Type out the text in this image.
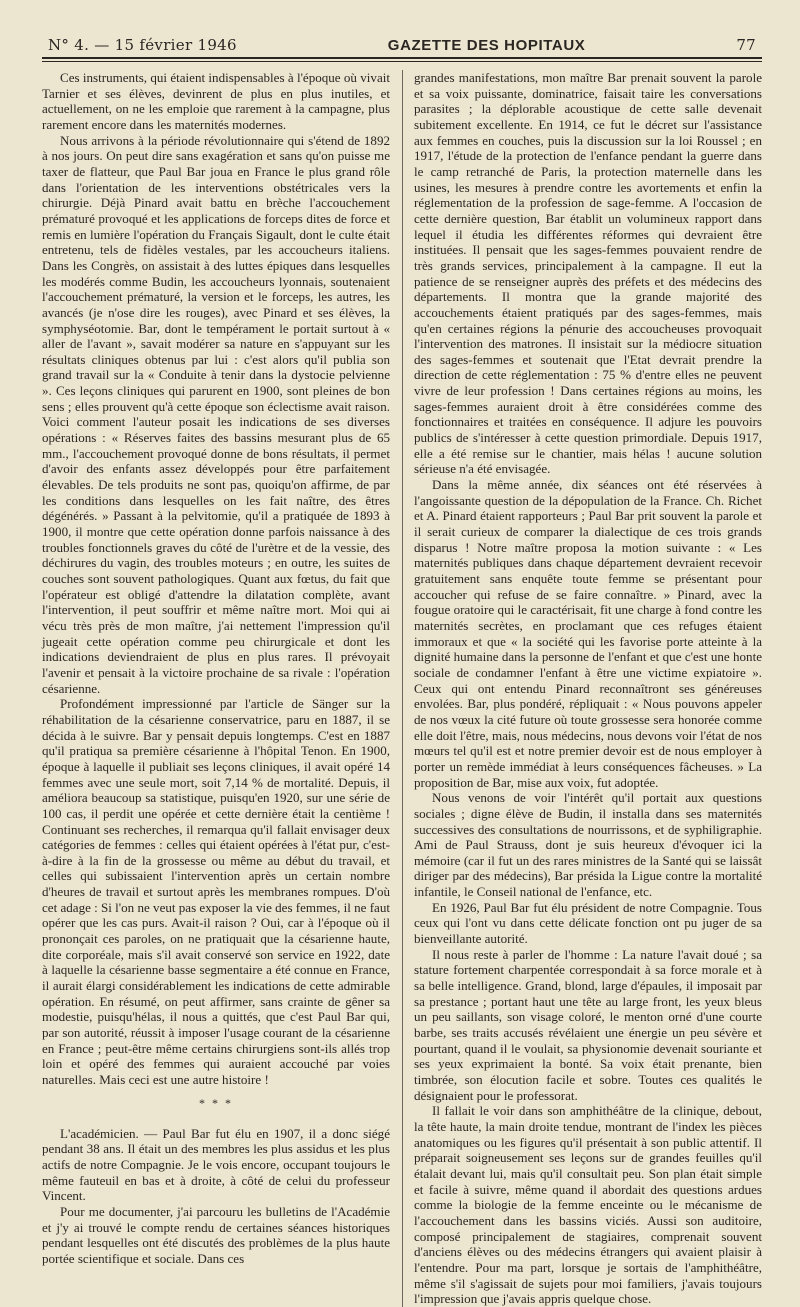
N° 4. — 15 février 1946	GAZETTE DES HOPITAUX	77

Ces instruments, qui étaient indispensables à l'époque où vivait Tarnier et ses élèves, devinrent de plus en plus inutiles, et actuellement, on ne les emploie que rarement à la campagne, plus rarement encore dans les maternités modernes.

Nous arrivons à la période révolutionnaire qui s'étend de 1892 à nos jours. On peut dire sans exagération et sans qu'on puisse me taxer de flatteur, que Paul Bar joua en France le plus grand rôle dans l'orientation de les interventions obstétricales vers la chirurgie. Déjà Pinard avait battu en brèche l'accouchement prématuré provoqué et les applications de forceps dites de force et remis en lumière l'opération du Français Sigault, dont le culte était entretenu, tels de fidèles vestales, par les accoucheurs italiens. Dans les Congrès, on assistait à des luttes épiques dans lesquelles les modérés comme Budin, les accoucheurs lyonnais, soutenaient l'accouchement prématuré, la version et le forceps, les autres, les avancés (je n'ose dire les rouges), avec Pinard et ses élèves, la symphyséotomie. Bar, dont le tempérament le portait surtout à « aller de l'avant », savait modérer sa nature en s'appuyant sur les résultats cliniques obtenus par lui : c'est alors qu'il publia son grand travail sur la « Conduite à tenir dans la dystocie pelvienne ». Ces leçons cliniques qui parurent en 1900, sont pleines de bon sens ; elles prouvent qu'à cette époque son éclectisme avait raison. Voici comment l'auteur posait les indications de ses diverses opérations : « Réserves faites des bassins mesurant plus de 65 mm., l'accouchement provoqué donne de bons résultats, il permet d'avoir des enfants assez développés pour être parfaitement élevables. De tels produits ne sont pas, quoiqu'on affirme, de par les conditions dans lesquelles on les fait naître, des êtres dégénérés. » Passant à la pelvitomie, qu'il a pratiquée de 1893 à 1900, il montre que cette opération donne parfois naissance à des troubles fonctionnels graves du côté de l'urètre et de la vessie, des déchirures du vagin, des troubles moteurs ; en outre, les suites de couches sont souvent pathologiques. Quant aux fœtus, du fait que l'opérateur est obligé d'attendre la dilatation complète, avant l'intervention, il peut souffrir et même naître mort. Moi qui ai vécu très près de mon maître, j'ai nettement l'impression qu'il jugeait cette opération comme peu chirurgicale et dont les indications deviendraient de plus en plus rares. Il prévoyait l'avenir et pensait à la victoire prochaine de sa rivale : l'opération césarienne.

Profondément impressionné par l'article de Sänger sur la réhabilitation de la césarienne conservatrice, paru en 1887, il se décida à le suivre. Bar y pensait depuis longtemps. C'est en 1887 qu'il pratiqua sa première césarienne à l'hôpital Tenon. En 1900, époque à laquelle il publiait ses leçons cliniques, il avait opéré 14 femmes avec une seule mort, soit 7,14 % de mortalité. Depuis, il améliora beaucoup sa statistique, puisqu'en 1920, sur une série de 100 cas, il perdit une opérée et cette dernière était la centième ! Continuant ses recherches, il remarqua qu'il fallait envisager deux catégories de femmes : celles qui étaient opérées à l'état pur, c'est-à-dire à la fin de la grossesse ou même au début du travail, et celles qui subissaient l'intervention après un certain nombre d'heures de travail et surtout après les membranes rompues. D'où cet adage : Si l'on ne veut pas exposer la vie des femmes, il ne faut opérer que les cas purs. Avait-il raison ? Oui, car à l'époque où il prononçait ces paroles, on ne pratiquait que la césarienne haute, dite corporéale, mais s'il avait conservé son service en 1922, date à laquelle la césarienne basse segmentaire a été connue en France, il aurait élargi considérablement les indications de cette admirable opération. En résumé, on peut affirmer, sans crainte de gêner sa modestie, puisqu'hélas, il nous a quittés, que c'est Paul Bar qui, par son autorité, réussit à imposer l'usage courant de la césarienne en France ; peut-être même certains chirurgiens sont-ils allés trop loin et opéré des femmes qui auraient accouché par voies naturelles. Mais ceci est une autre histoire !

* * *

L'académicien. — Paul Bar fut élu en 1907, il a donc siégé pendant 38 ans. Il était un des membres les plus assidus et les plus actifs de notre Compagnie. Je le vois encore, occupant toujours le même fauteuil en bas et à droite, à côté de celui du professeur Vincent.

Pour me documenter, j'ai parcouru les bulletins de l'Académie et j'y ai trouvé le compte rendu de certaines séances historiques pendant lesquelles ont été discutés des problèmes de la plus haute portée scientifique et sociale. Dans ces

grandes manifestations, mon maître Bar prenait souvent la parole et sa voix puissante, dominatrice, faisait taire les conversations parasites ; la déplorable acoustique de cette salle devenait subitement excellente. En 1914, ce fut le décret sur l'assistance aux femmes en couches, puis la discussion sur la loi Roussel ; en 1917, l'étude de la protection de l'enfance pendant la guerre dans le camp retranché de Paris, la protection maternelle dans les usines, les mesures à prendre contre les avortements et enfin la réglementation de la profession de sage-femme. A l'occasion de cette dernière question, Bar établit un volumineux rapport dans lequel il étudia les différentes réformes qui devraient être instituées. Il pensait que les sages-femmes pouvaient rendre de très grands services, principalement à la campagne. Il eut la patience de se renseigner auprès des préfets et des médecins des départements. Il montra que la grande majorité des accouchements étaient pratiqués par des sages-femmes, mais qu'en certaines régions la pénurie des accoucheuses provoquait l'intervention des matrones. Il insistait sur la médiocre situation des sages-femmes et soutenait que l'Etat devrait prendre la direction de cette réglementation : 75 % d'entre elles ne peuvent vivre de leur profession ! Dans certaines régions au moins, les sages-femmes auraient droit à être considérées comme des fonctionnaires et traitées en conséquence. Il adjure les pouvoirs publics de s'intéresser à cette question primordiale. Depuis 1917, elle a été remise sur le chantier, mais hélas ! aucune solution sérieuse n'a été envisagée.

Dans la même année, dix séances ont été réservées à l'angoissante question de la dépopulation de la France. Ch. Richet et A. Pinard étaient rapporteurs ; Paul Bar prit souvent la parole et il serait curieux de comparer la dialectique de ces trois grands disparus ! Notre maître proposa la motion suivante : « Les maternités publiques dans chaque département devraient recevoir gratuitement sans enquête toute femme se présentant pour accoucher qui refuse de se faire connaître. » Pinard, avec la fougue oratoire qui le caractérisait, fit une charge à fond contre les maternités secrètes, en proclamant que ces refuges étaient immoraux et que « la société qui les favorise porte atteinte à la dignité humaine dans la personne de l'enfant et que c'est une honte sociale de condamner l'enfant à être une victime expiatoire ». Ceux qui ont entendu Pinard reconnaîtront ses généreuses envolées. Bar, plus pondéré, répliquait : « Nous pouvons appeler de nos vœux la cité future où toute grossesse sera honorée comme elle doit l'être, mais, nous médecins, nous devons voir l'état de nos mœurs tel qu'il est et notre premier devoir est de nous employer à porter un remède immédiat à leurs conséquences fâcheuses. » La proposition de Bar, mise aux voix, fut adoptée.

Nous venons de voir l'intérêt qu'il portait aux questions sociales ; digne élève de Budin, il installa dans ses maternités successives des consultations de nourrissons, et de syphiligraphie. Ami de Paul Strauss, dont je suis heureux d'évoquer ici la mémoire (car il fut un des rares ministres de la Santé qui se laissât diriger par des médecins), Bar présida la Ligue contre la mortalité infantile, le Conseil national de l'enfance, etc.

En 1926, Paul Bar fut élu président de notre Compagnie. Tous ceux qui l'ont vu dans cette délicate fonction ont pu juger de sa bienveillante autorité.

Il nous reste à parler de l'homme : La nature l'avait doué ; sa stature fortement charpentée correspondait à sa force morale et à sa belle intelligence. Grand, blond, large d'épaules, il imposait par sa prestance ; portant haut une tête au large front, les yeux bleus un peu saillants, son visage coloré, le menton orné d'une courte barbe, ses traits accusés révélaient une énergie un peu sévère et pourtant, quand il le voulait, sa physionomie devenait souriante et ses yeux exprimaient la bonté. Sa voix était prenante, bien timbrée, son élocution facile et sobre. Toutes ces qualités le désignaient pour le professorat.

Il fallait le voir dans son amphithéâtre de la clinique, debout, la tête haute, la main droite tendue, montrant de l'index les pièces anatomiques ou les figures qu'il présentait à son public attentif. Il préparait soigneusement ses leçons sur de grandes feuilles qu'il étalait devant lui, mais qu'il consultait peu. Son plan était simple et facile à suivre, même quand il abordait des questions ardues comme la biologie de la femme enceinte ou le mécanisme de l'accouchement dans les bassins viciés. Aussi son auditoire, composé principalement de stagiaires, comprenait souvent d'anciens élèves ou des médecins étrangers qui avaient plaisir à l'entendre. Pour ma part, lorsque je sortais de l'amphithéâtre, même s'il s'agissait de sujets pour moi familiers, j'avais toujours l'impression que j'avais appris quelque chose.
